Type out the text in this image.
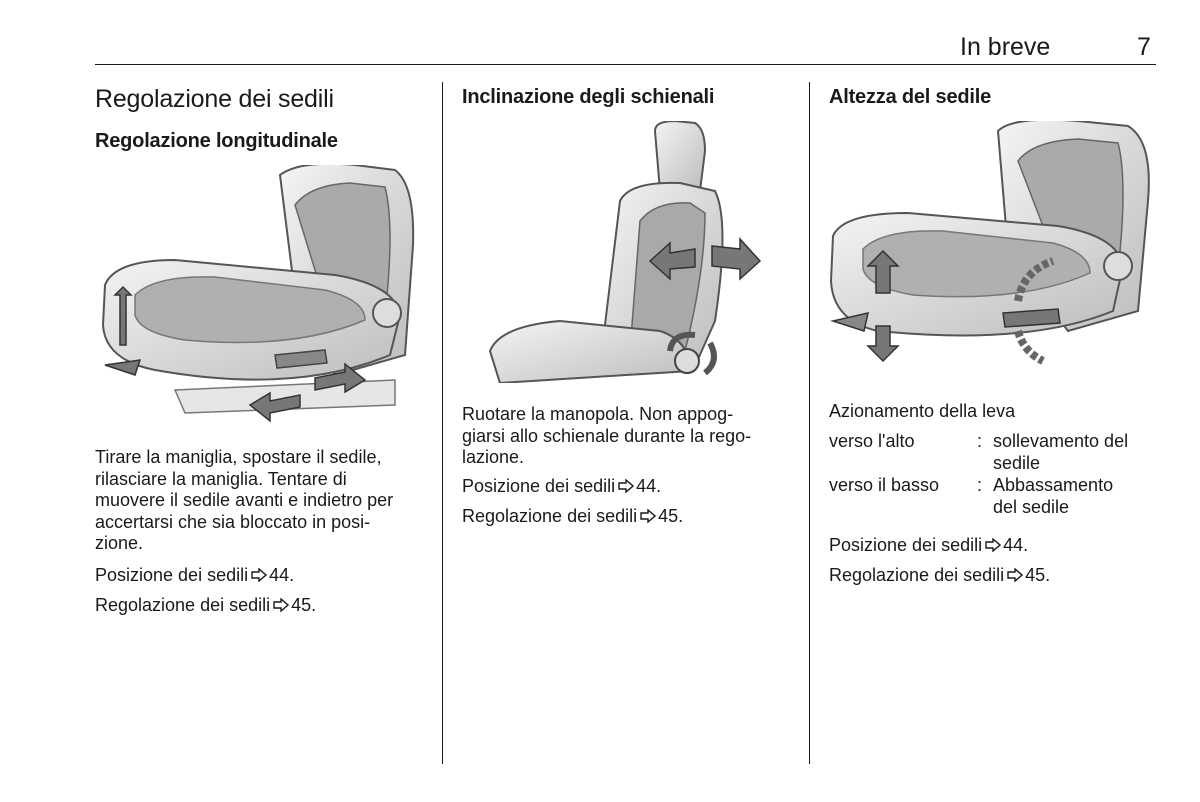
In breve	7
Regolazione dei sedili
Regolazione longitudinale
Tirare la maniglia, spostare il sedile,
rilasciare la maniglia. Tentare di
muovere il sedile avanti e indietro per
accertarsi che sia bloccato in posi-
zione.

Posizione dei sedili 44.

Regolazione dei sedili 45.

Inclinazione degli schienali
Ruotare la manopola. Non appog-
giarsi allo schienale durante la rego-
lazione.

Posizione dei sedili 44.

Regolazione dei sedili 45.

Altezza del sedile
Azionamento della leva
verso l'alto	: sollevamento del
sedile
verso il basso : Abbassamento
del sedile

Posizione dei sedili 44.

Regolazione dei sedili 45.
